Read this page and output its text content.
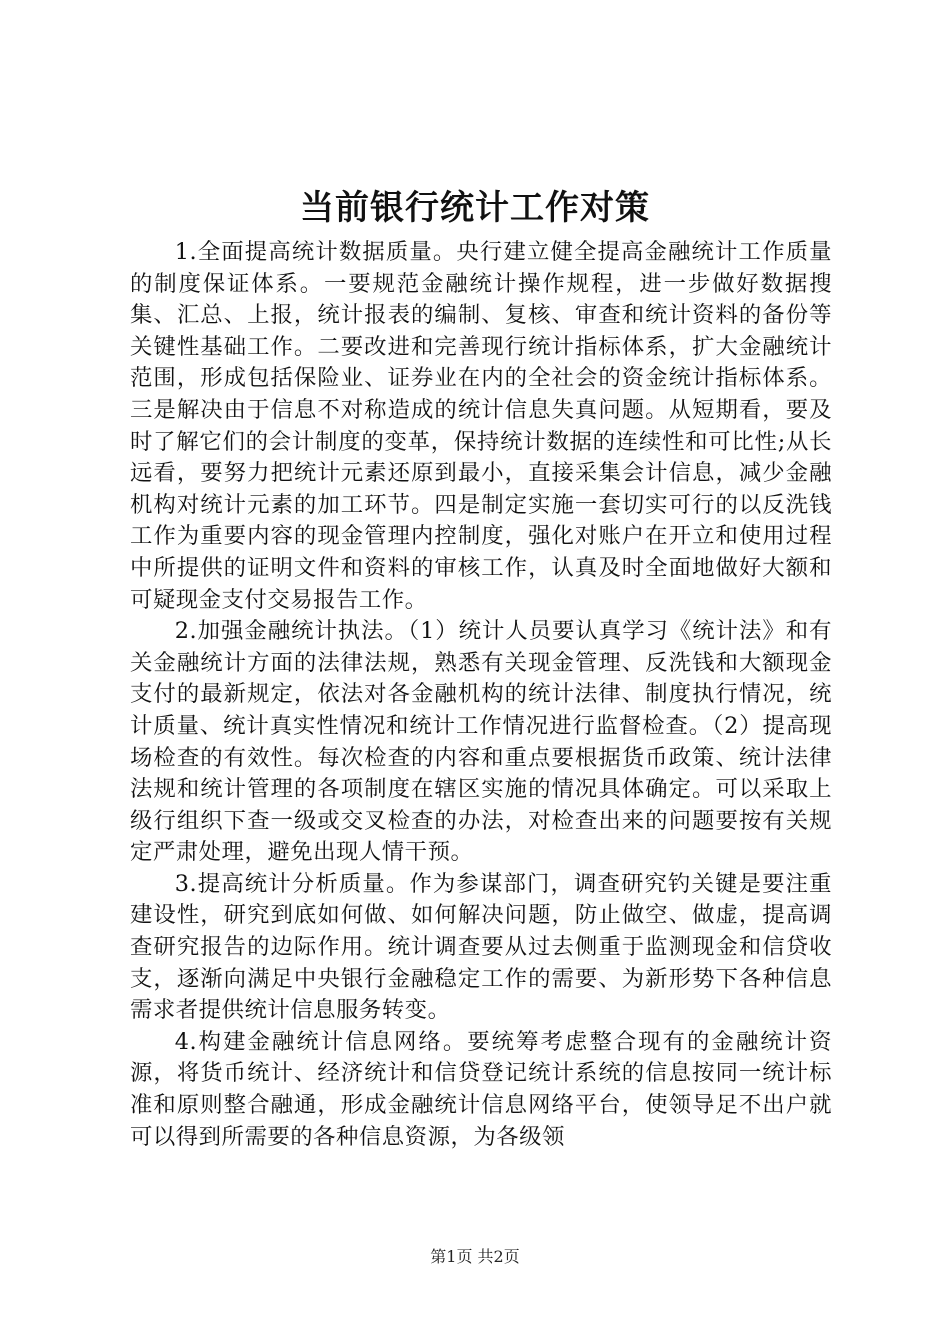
当前银行统计工作对策

1.全面提高统计数据质量。央行建立健全提高金融统计工作质量的制度保证体系。一要规范金融统计操作规程，进一步做好数据搜集、汇总、上报，统计报表的编制、复核、审查和统计资料的备份等关键性基础工作。二要改进和完善现行统计指标体系，扩大金融统计范围，形成包括保险业、证券业在内的全社会的资金统计指标体系。三是解决由于信息不对称造成的统计信息失真问题。从短期看，要及时了解它们的会计制度的变革，保持统计数据的连续性和可比性;从长远看，要努力把统计元素还原到最小，直接采集会计信息，减少金融机构对统计元素的加工环节。四是制定实施一套切实可行的以反洗钱工作为重要内容的现金管理内控制度，强化对账户在开立和使用过程中所提供的证明文件和资料的审核工作，认真及时全面地做好大额和可疑现金支付交易报告工作。

2.加强金融统计执法。（1）统计人员要认真学习《统计法》和有关金融统计方面的法律法规，熟悉有关现金管理、反洗钱和大额现金支付的最新规定，依法对各金融机构的统计法律、制度执行情况，统计质量、统计真实性情况和统计工作情况进行监督检查。（2）提高现场检查的有效性。每次检查的内容和重点要根据货币政策、统计法律法规和统计管理的各项制度在辖区实施的情况具体确定。可以采取上级行组织下查一级或交叉检查的办法，对检查出来的问题要按有关规定严肃处理，避免出现人情干预。

3.提高统计分析质量。作为参谋部门，调查研究钓关键是要注重建设性，研究到底如何做、如何解决问题，防止做空、做虚，提高调查研究报告的边际作用。统计调查要从过去侧重于监测现金和信贷收支，逐渐向满足中央银行金融稳定工作的需要、为新形势下各种信息需求者提供统计信息服务转变。

4.构建金融统计信息网络。要统筹考虑整合现有的金融统计资源，将货币统计、经济统计和信贷登记统计系统的信息按同一统计标准和原则整合融通，形成金融统计信息网络平台，使领导足不出户就可以得到所需要的各种信息资源，为各级领

第1页 共2页
